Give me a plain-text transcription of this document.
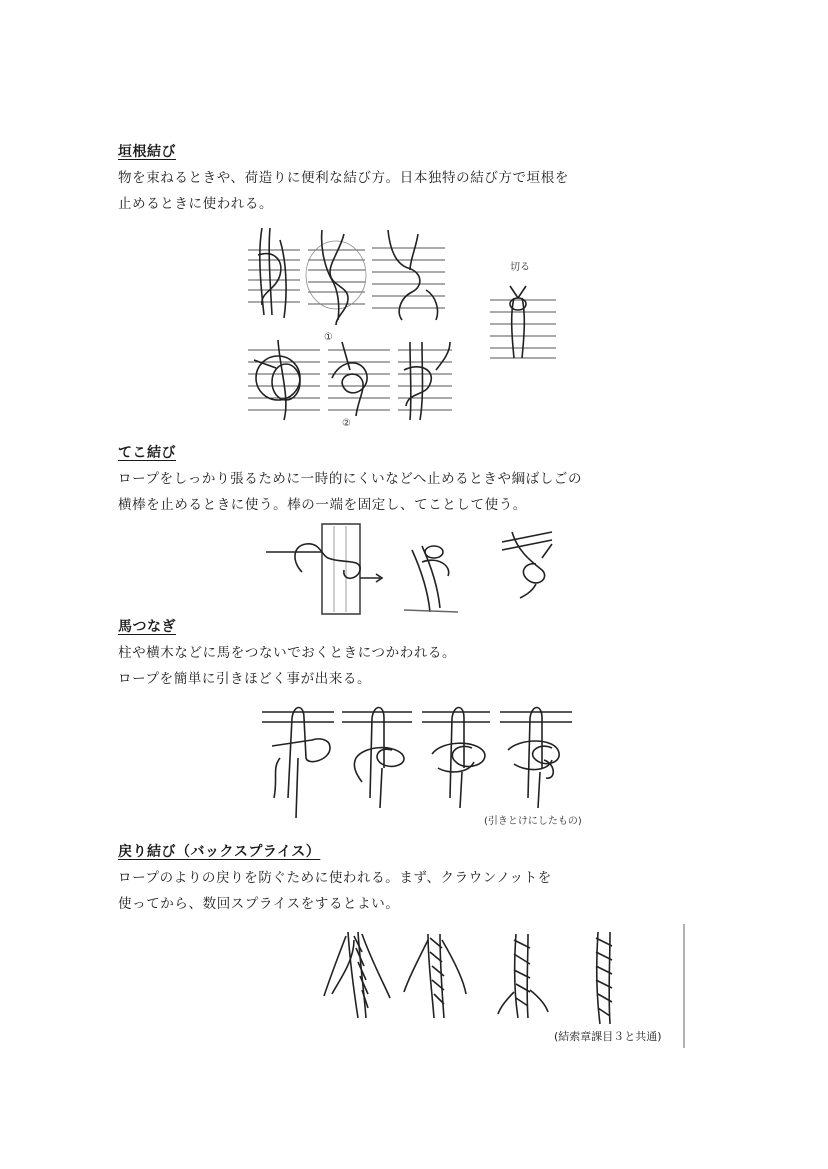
垣根結び
物を束ねるときや、荷造りに便利な結び方。日本独特の結び方で垣根を
止めるときに使われる。
①
②
切る
てこ結び
ロープをしっかり張るために一時的にくいなどへ止めるときや綱ばしごの
横棒を止めるときに使う。棒の一端を固定し、てことして使う。
馬つなぎ
柱や横木などに馬をつないでおくときにつかわれる。
ロープを簡単に引きほどく事が出来る。
(引きとけにしたもの)
戻り結び（バックスプライス）
ロープのよりの戻りを防ぐために使われる。まず、クラウンノットを
使ってから、数回スプライスをするとよい。
(結索章課目３と共通)
